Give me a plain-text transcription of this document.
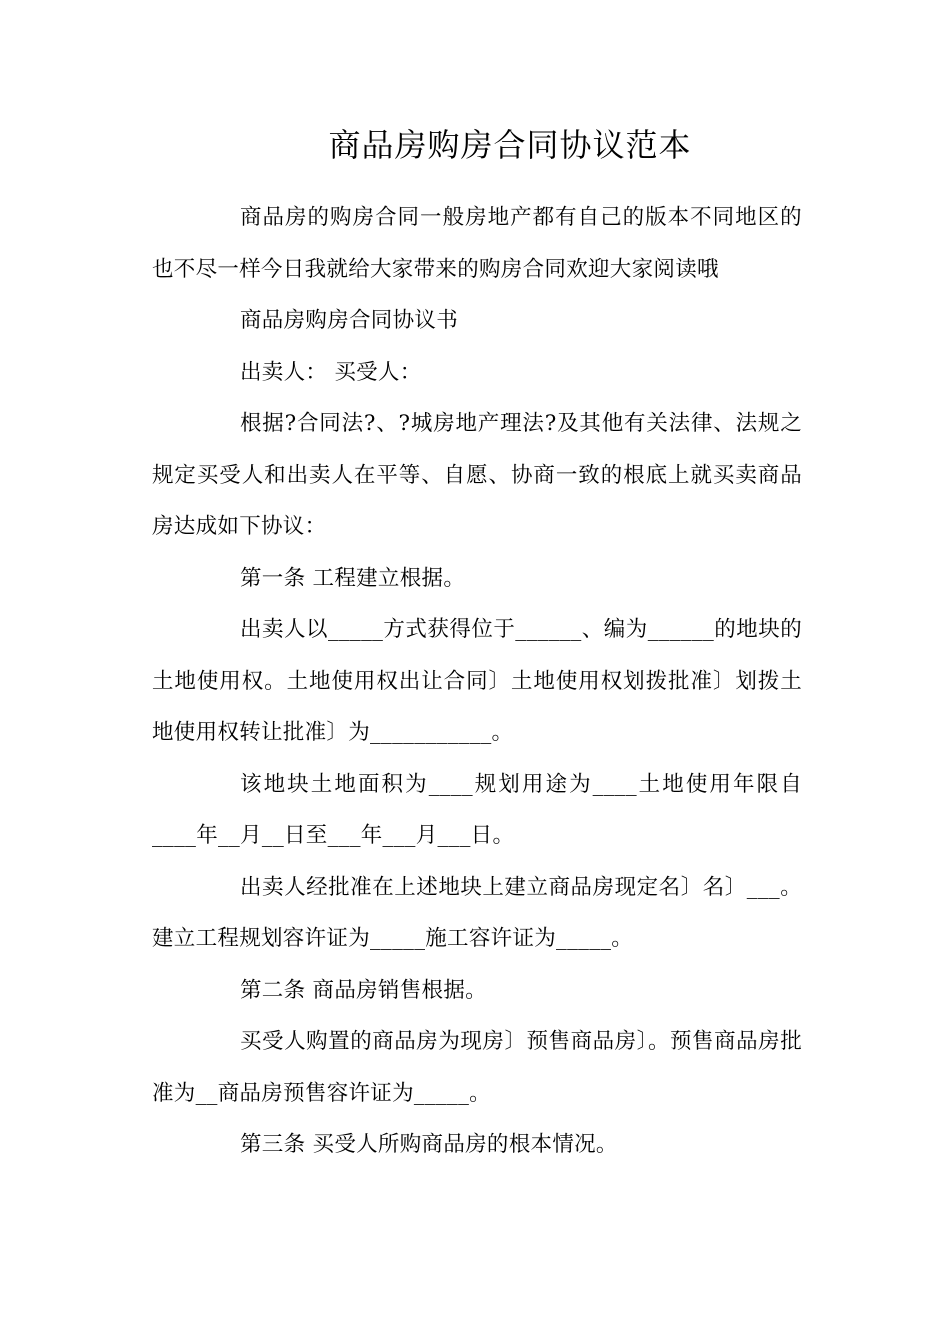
商品房购房合同协议范本

商品房的购房合同一般房地产都有自己的版本不同地区的也不尽一样今日我就给大家带来的购房合同欢迎大家阅读哦

商品房购房合同协议书

出卖人： 买受人：

根据?合同法?、?城房地产理法?及其他有关法律、法规之规定买受人和出卖人在平等、自愿、协商一致的根底上就买卖商品房达成如下协议：

第一条 工程建立根据。

出卖人以_____方式获得位于______、编为______的地块的土地使用权。土地使用权出让合同〕土地使用权划拨批准〕划拨土地使用权转让批准〕为___________。

该地块土地面积为____规划用途为____土地使用年限自____年__月__日至___年___月___日。

出卖人经批准在上述地块上建立商品房现定名〕名〕___。建立工程规划容许证为_____施工容许证为_____。

第二条 商品房销售根据。

买受人购置的商品房为现房〕预售商品房〕。预售商品房批准为__商品房预售容许证为_____。

第三条 买受人所购商品房的根本情况。
